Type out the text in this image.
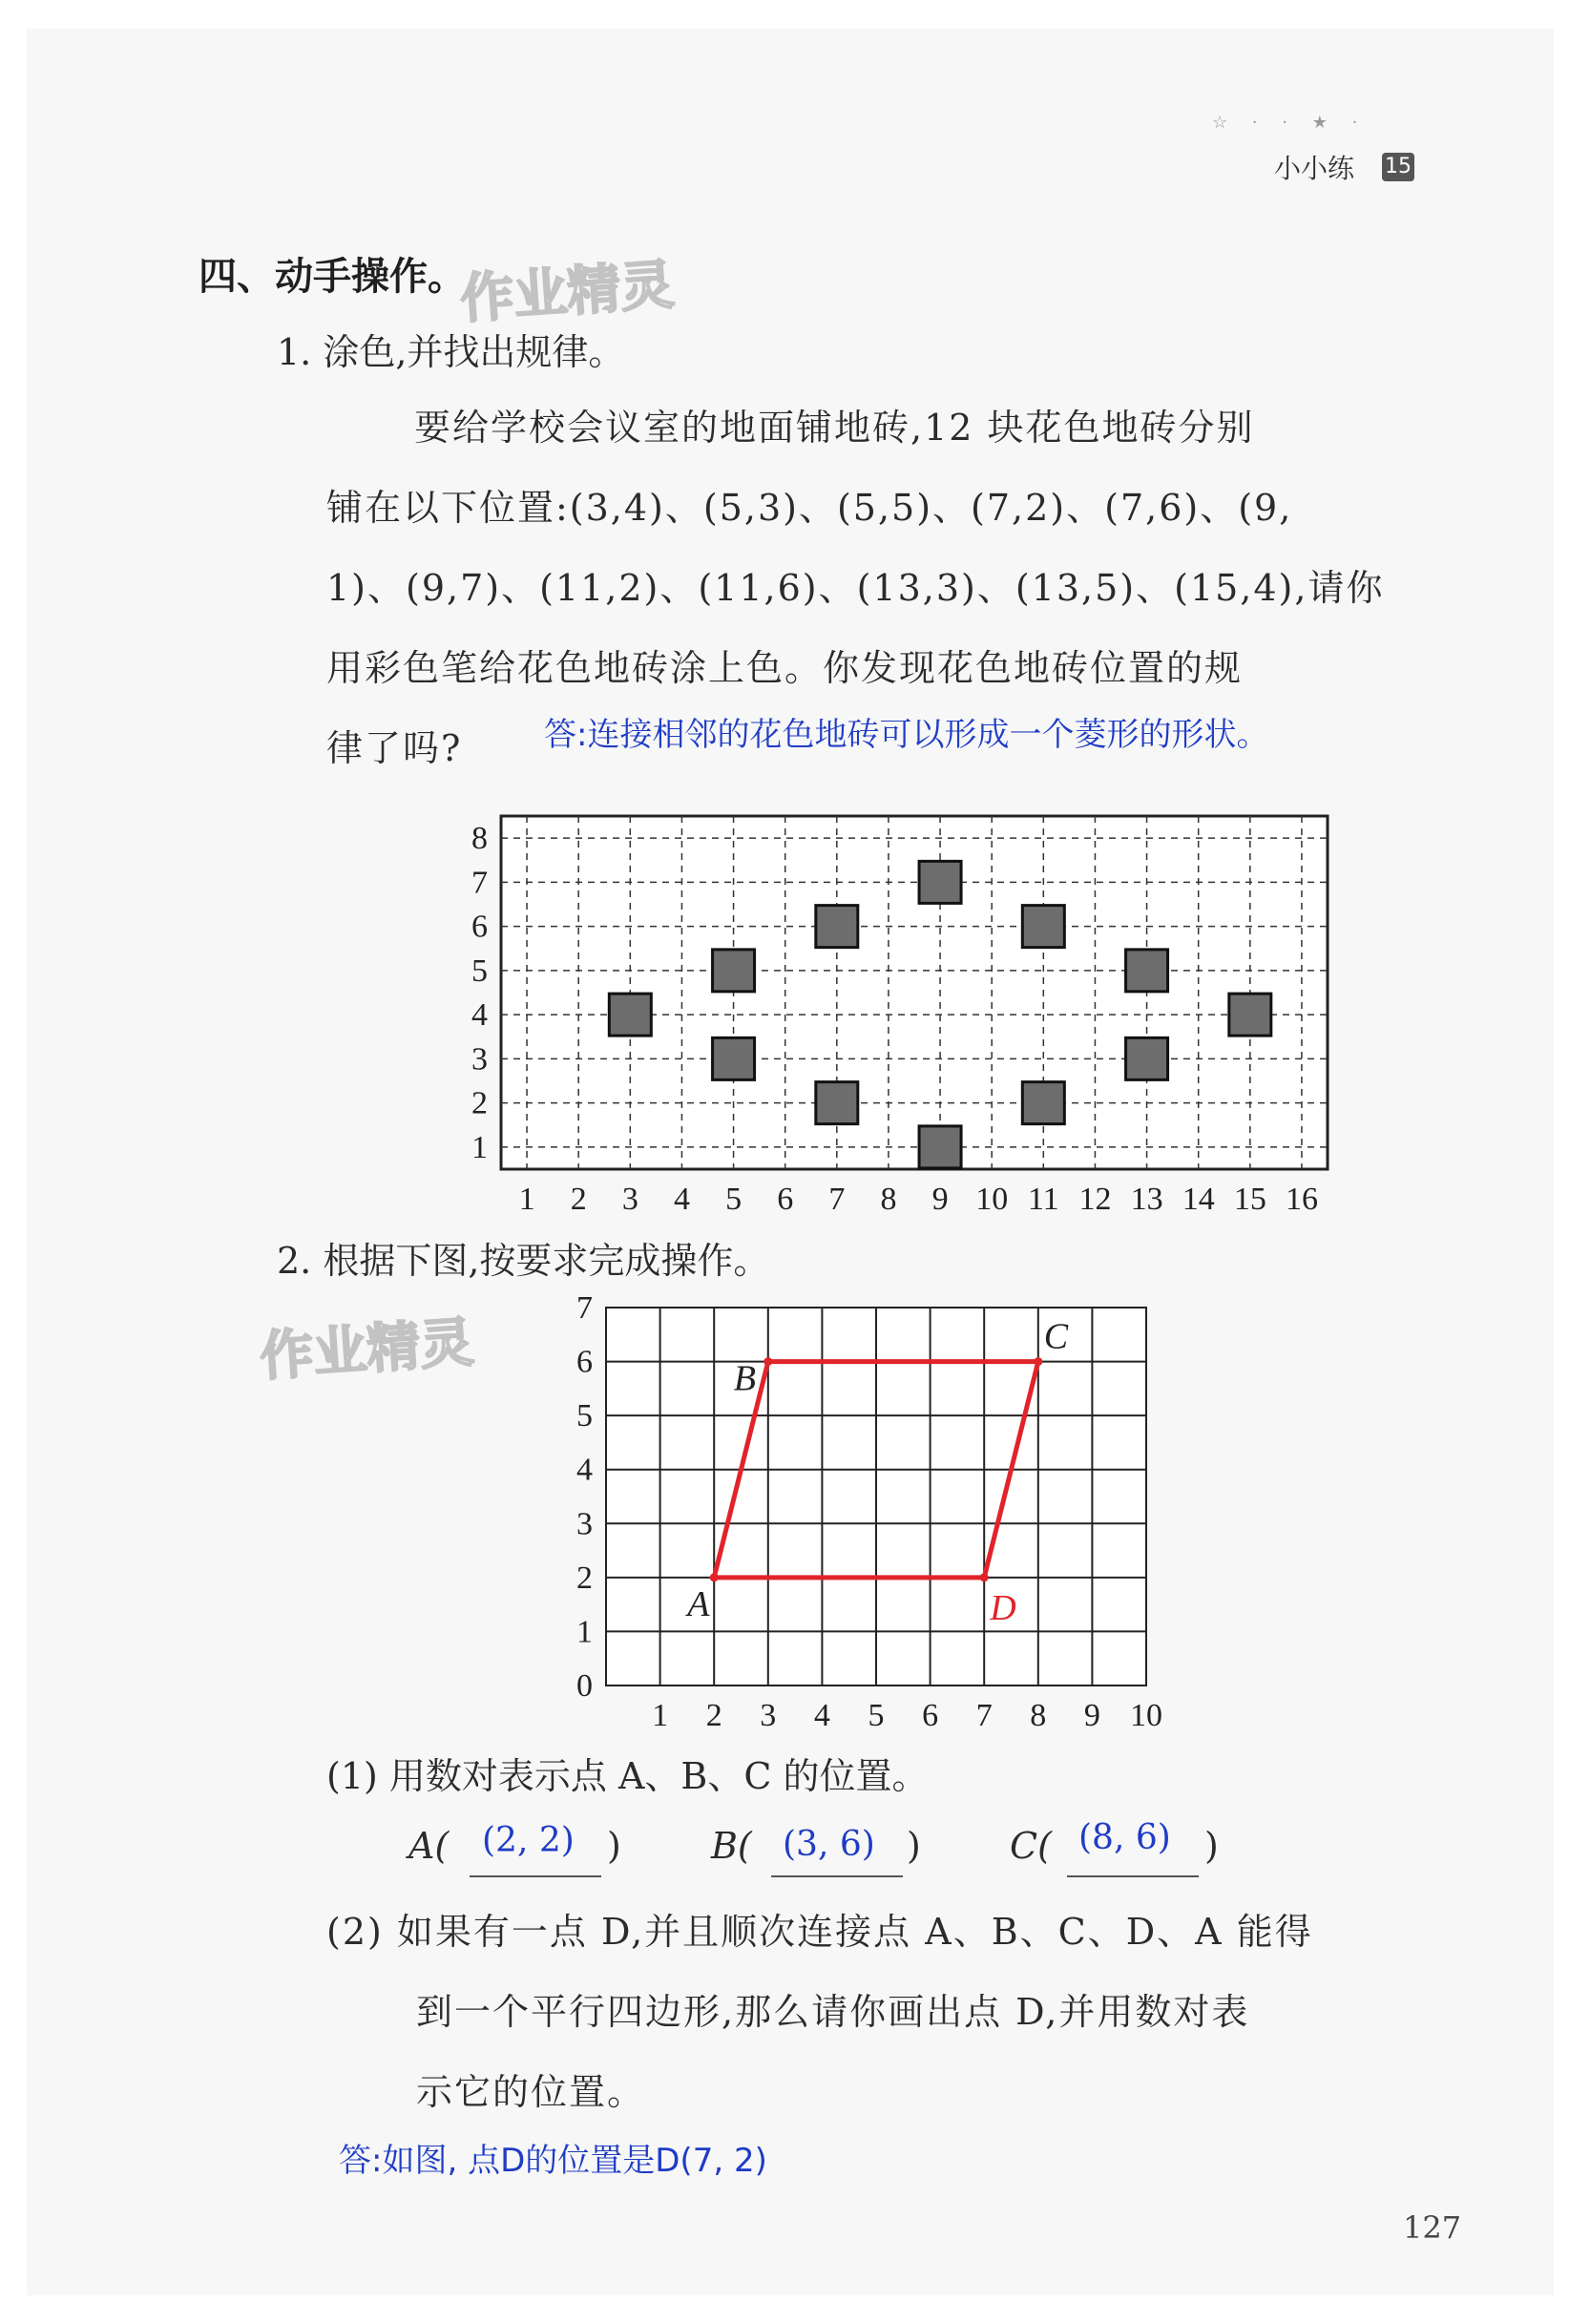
☆ · · ★ ·
小小练 15
四、动手操作。
作业精灵
1. 涂色,并找出规律。
要给学校会议室的地面铺地砖,12 块花色地砖分别
铺在以下位置:(3,4)、(5,3)、(5,5)、(7,2)、(7,6)、(9,
1)、(9,7)、(11,2)、(11,6)、(13,3)、(13,5)、(15,4),请你
用彩色笔给花色地砖涂上色。你发现花色地砖位置的规
律了吗?	答:连接相邻的花色地砖可以形成一个菱形的形状。
1 2 3 4 5 6 7 8 9 10 11 12 13 14 15 16
1
2
3
4
5
6
7
8
2. 根据下图,按要求完成操作。
作业精灵
A
B
C
D
1 2 3 4 5 6 7 8 9 10
0
1
2
3
4
5
6
7
(1) 用数对表示点 A、B、C 的位置。
A( (2, 2) ) B( (3, 6) ) C( (8, 6) )
(2) 如果有一点 D,并且顺次连接点 A、B、C、D、A 能得
到一个平行四边形,那么请你画出点 D,并用数对表
示它的位置。
答:如图, 点D的位置是D(7, 2)
127
